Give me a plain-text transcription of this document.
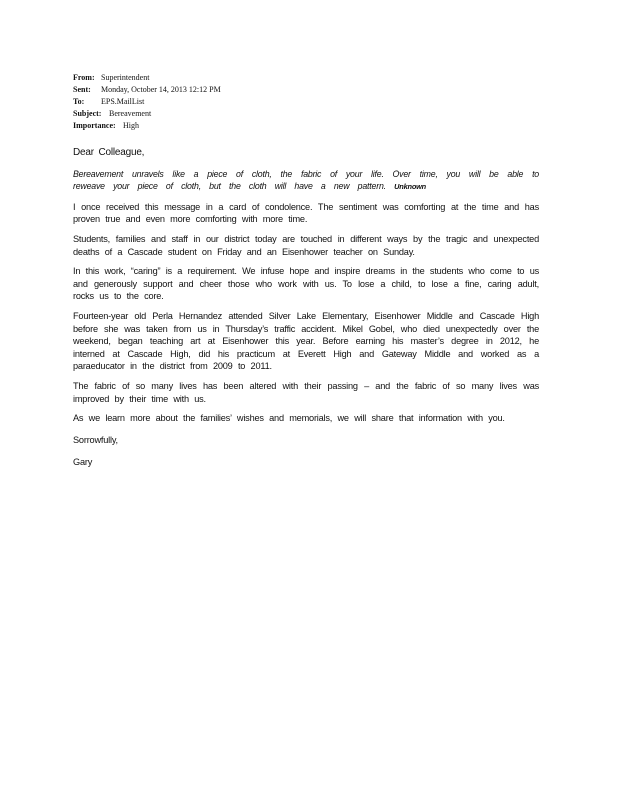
From: Superintendent
Sent: Monday, October 14, 2013 12:12 PM
To: EPS.MailList
Subject: Bereavement
Importance: High

Dear Colleague,

Bereavement unravels like a piece of cloth, the fabric of your life. Over time, you will be able to reweave your piece of cloth, but the cloth will have a new pattern. Unknown

I once received this message in a card of condolence. The sentiment was comforting at the time and has proven true and even more comforting with more time.

Students, families and staff in our district today are touched in different ways by the tragic and unexpected deaths of a Cascade student on Friday and an Eisenhower teacher on Sunday.

In this work, “caring” is a requirement. We infuse hope and inspire dreams in the students who come to us and generously support and cheer those who work with us. To lose a child, to lose a fine, caring adult, rocks us to the core.

Fourteen-year old Perla Hernandez attended Silver Lake Elementary, Eisenhower Middle and Cascade High before she was taken from us in Thursday’s traffic accident. Mikel Gobel, who died unexpectedly over the weekend, began teaching art at Eisenhower this year. Before earning his master’s degree in 2012, he interned at Cascade High, did his practicum at Everett High and Gateway Middle and worked as a paraeducator in the district from 2009 to 2011.

The fabric of so many lives has been altered with their passing – and the fabric of so many lives was improved by their time with us.

As we learn more about the families’ wishes and memorials, we will share that information with you.

Sorrowfully,

Gary
